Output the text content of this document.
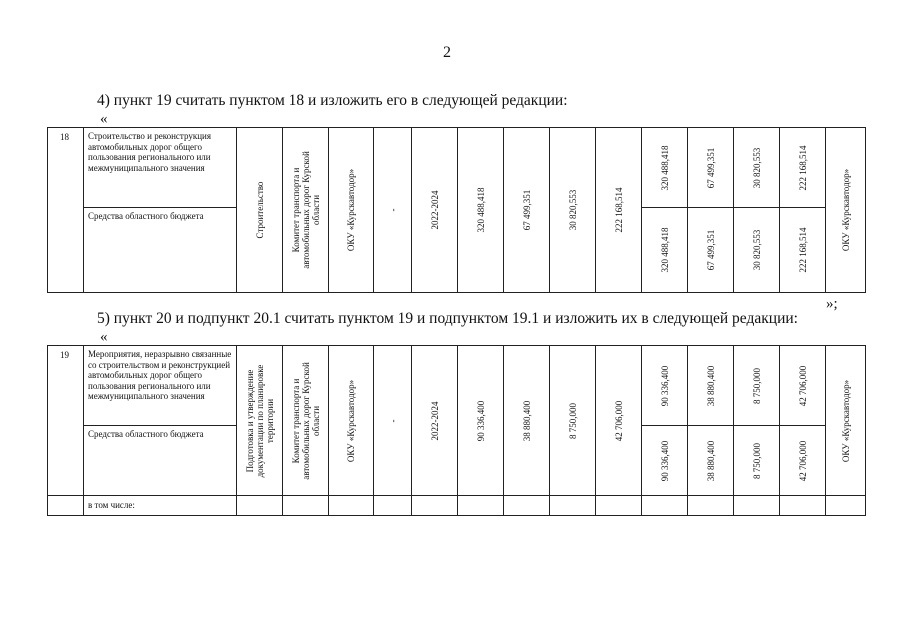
2
4) пункт 19 считать пунктом 18 и изложить его в следующей редакции:
«
18	Строительство и реконструкция автомобильных дорог общего пользования регионального или межмуниципального значения	Строительство	Комитет транспорта и автомобильных дорог Курской области	ОКУ «Курскавтодор»	-	2022-2024	320 488,418	67 499,351	30 820,553	222 168,514	320 488,418	67 499,351	30 820,553	222 168,514	ОКУ «Курскавтодор»

	Средства областного бюджета										320 488,418	67 499,351	30 820,553	222 168,514	
»;
5) пункт 20 и подпункт 20.1 считать пунктом 19 и подпунктом 19.1 и изложить их в следующей редакции:
«
19	Мероприятия, неразрывно связанные со строительством и реконструкцией автомобильных дорог общего пользования регионального или межмуниципального значения	Подготовка и утверждение документации по планировке территории	Комитет транспорта и автомобильных дорог Курской области	ОКУ «Курскавтодор»	-	2022-2024	90 336,400	38 880,400	8 750,000	42 706,000	90 336,400	38 880,400	8 750,000	42 706,000	ОКУ «Курскавтодор»

	Средства областного бюджета										90 336,400	38 880,400	8 750,000	42 706,000	

	в том числе:														
